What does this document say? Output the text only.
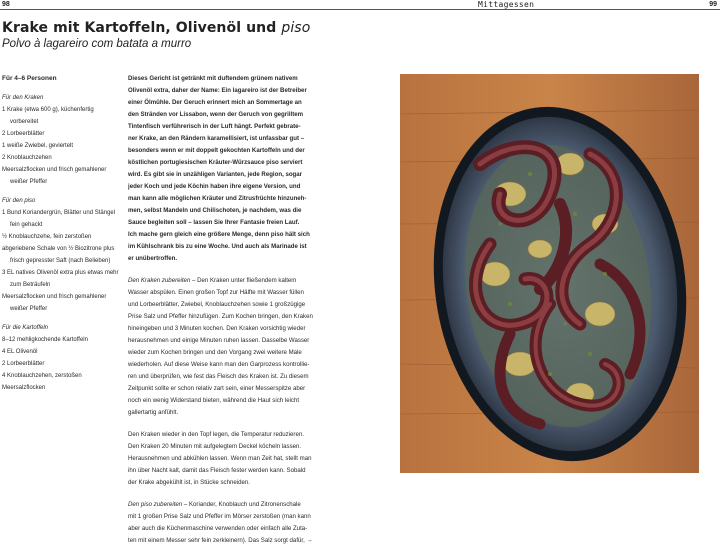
98	Mittagessen	99
Krake mit Kartoffeln, Olivenöl und piso
Polvo à lagareiro com batata a murro
Für 4–6 Personen
Für den Kraken
1 Krake (etwa 600 g), küchenfertig
vorbereitet
2 Lorbeerblätter
1 weiße Zwiebel, geviertelt
2 Knoblauchzehen
Meersalzflocken und frisch gemahlener
weißer Pfeffer
Für den piso
1 Bund Koriandergrün, Blätter und Stängel
fein gehackt
½ Knoblauchzehe, fein zerstoßen
abgeriebene Schale von ½ Biozitrone plus
frisch gepresster Saft (nach Belieben)
3 EL natives Olivenöl extra plus etwas mehr
zum Beträufeln
Meersalzflocken und frisch gemahlener
weißer Pfeffer
Für die Kartoffeln
8–12 mehligkochende Kartoffeln
4 EL Olivenöl
2 Lorbeerblätter
4 Knoblauchzehen, zerstoßen
Meersalzflocken

Dieses Gericht ist getränkt mit duftendem grünem nativem
Olivenöl extra, daher der Name: Ein lagareiro ist der Betreiber
einer Ölmühle. Der Geruch erinnert mich an Sommertage an
den Stränden vor Lissabon, wenn der Geruch von gegrilltem
Tintenfisch verführerisch in der Luft hängt. Perfekt gebrate-
ner Krake, an den Rändern karamellisiert, ist unfassbar gut –
besonders wenn er mit doppelt gekochten Kartoffeln und der
köstlichen portugiesischen Kräuter-Würzsauce piso serviert
wird. Es gibt sie in unzähligen Varianten, jede Region, sogar
jeder Koch und jede Köchin haben ihre eigene Version, und
man kann alle möglichen Kräuter und Zitrusfrüchte hinzuneh-
men, selbst Mandeln und Chilischoten, je nachdem, was die
Sauce begleiten soll – lassen Sie Ihrer Fantasie freien Lauf.
Ich mache gern gleich eine größere Menge, denn piso hält sich
im Kühlschrank bis zu eine Woche. Und auch als Marinade ist
er unübertroffen.

Den Kraken zubereiten – Den Kraken unter fließendem kaltem
Wasser abspülen. Einen großen Topf zur Hälfte mit Wasser füllen
und Lorbeerblätter, Zwiebel, Knoblauchzehen sowie 1 großzügige
Prise Salz und Pfeffer hinzufügen. Zum Kochen bringen, den Kraken
hineingeben und 3 Minuten kochen. Den Kraken vorsichtig wieder
herausnehmen und einige Minuten ruhen lassen. Dasselbe Wasser
wieder zum Kochen bringen und den Vorgang zwei weitere Male
wiederholen. Auf diese Weise kann man den Garprozess kontrollie-
ren und überprüfen, wie fest das Fleisch des Kraken ist. Zu diesem
Zeitpunkt sollte er schon relativ zart sein, einer Messerspitze aber
noch ein wenig Widerstand bieten, während die Haut sich leicht
gallertartig anfühlt.

Den Kraken wieder in den Topf legen, die Temperatur reduzieren.
Den Kraken 20 Minuten mit aufgelegtem Deckel köcheln lassen.
Herausnehmen und abkühlen lassen. Wenn man Zeit hat, stellt man
ihn über Nacht kalt, damit das Fleisch fester werden kann. Sobald
der Krake abgekühlt ist, in Stücke schneiden.

Den piso zubereiten – Koriander, Knoblauch und Zitronenschale
mit 1 großen Prise Salz und Pfeffer im Mörser zerstoßen (man kann
aber auch die Küchenmaschine verwenden oder einfach alle Zuta-
ten mit einem Messer sehr fein zerkleinern). Das Salz sorgt dafür, →
